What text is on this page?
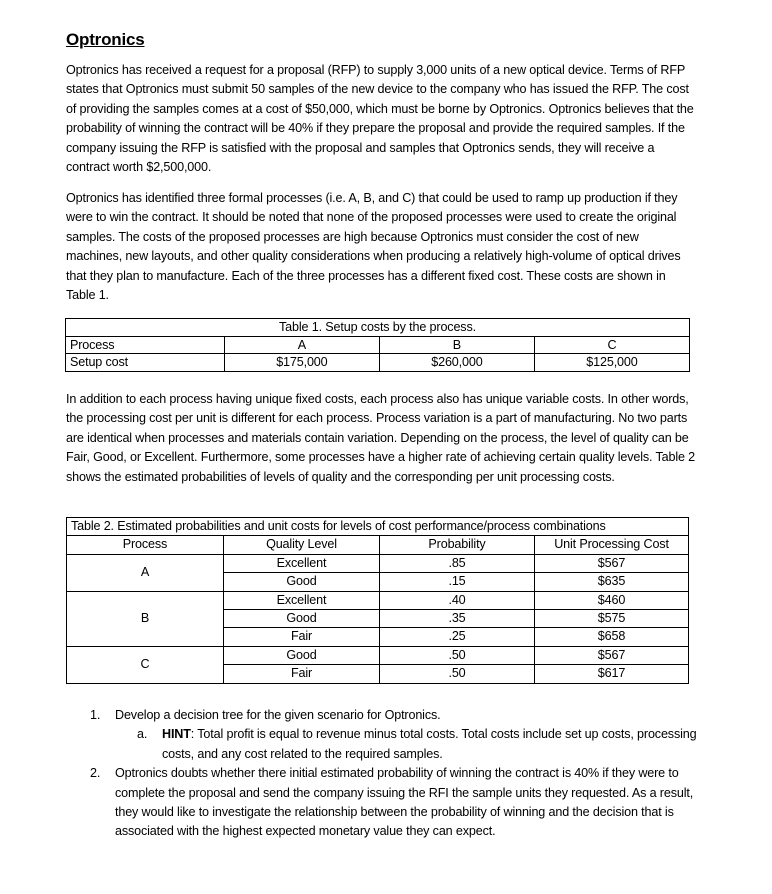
Optronics
Optronics has received a request for a proposal (RFP) to supply 3,000 units of a new optical device. Terms of RFP states that Optronics must submit 50 samples of the new device to the company who has issued the RFP. The cost of providing the samples comes at a cost of $50,000, which must be borne by Optronics. Optronics believes that the probability of winning the contract will be 40% if they prepare the proposal and provide the required samples. If the company issuing the RFP is satisfied with the proposal and samples that Optronics sends, they will receive a contract worth $2,500,000.
Optronics has identified three formal processes (i.e. A, B, and C) that could be used to ramp up production if they were to win the contract. It should be noted that none of the proposed processes were used to create the original samples. The costs of the proposed processes are high because Optronics must consider the cost of new machines, new layouts, and other quality considerations when producing a relatively high-volume of optical drives that they plan to manufacture. Each of the three processes has a different fixed cost. These costs are shown in Table 1.
Table 1. Setup costs by the process.			
Process	A	B	C
Setup cost	$175,000	$260,000	$125,000
In addition to each process having unique fixed costs, each process also has unique variable costs. In other words, the processing cost per unit is different for each process. Process variation is a part of manufacturing. No two parts are identical when processes and materials contain variation. Depending on the process, the level of quality can be Fair, Good, or Excellent. Furthermore, some processes have a higher rate of achieving certain quality levels. Table 2 shows the estimated probabilities of levels of quality and the corresponding per unit processing costs.
Table 2. Estimated probabilities and unit costs for levels of cost performance/process combinations			
Process	Quality Level	Probability	Unit Processing Cost
A	Excellent	.85	$567
	Good	.15	$635
B	Excellent	.40	$460
	Good	.35	$575
	Fair	.25	$658
C	Good	.50	$567
	Fair	.50	$617
1. Develop a decision tree for the given scenario for Optronics.
a. HINT: Total profit is equal to revenue minus total costs. Total costs include set up costs, processing costs, and any cost related to the required samples.
2. Optronics doubts whether there initial estimated probability of winning the contract is 40% if they were to complete the proposal and send the company issuing the RFI the sample units they requested. As a result, they would like to investigate the relationship between the probability of winning and the decision that is associated with the highest expected monetary value they can expect.
